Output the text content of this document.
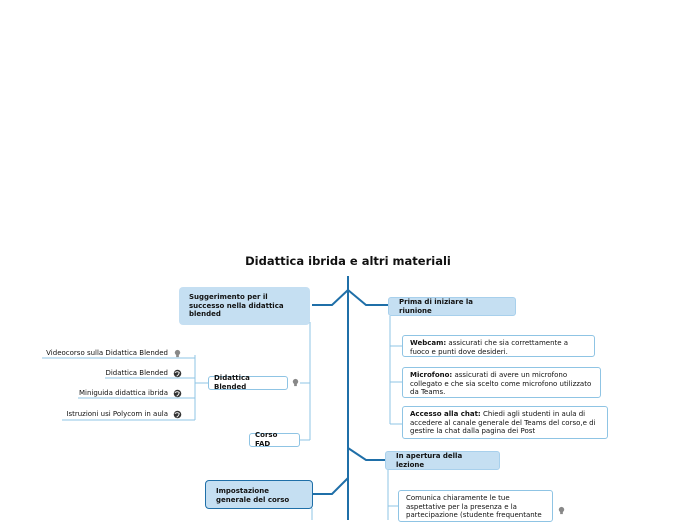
Didattica ibrida e altri materiali
Suggerimento per il successo nella didattica blended
Didattica Blended
Corso FAD
Impostazione generale del corso
Videocorso sulla Didattica Blended
Didattica Blended
Miniguida didattica ibrida
Istruzioni usi Polycom in aula
Prima di iniziare la riunione
Webcam: assicurati che sia correttamente a fuoco e punti dove desideri.
Microfono: assicurati di avere un microfono collegato e che sia scelto come microfono utilizzato da Teams.
Accesso alla chat: Chiedi agli studenti in aula di accedere al canale generale del Teams del corso,e di gestire la chat dalla pagina dei Post
In apertura della lezione
Comunica chiaramente le tue aspettative per la presenza e la partecipazione (studente frequentante
